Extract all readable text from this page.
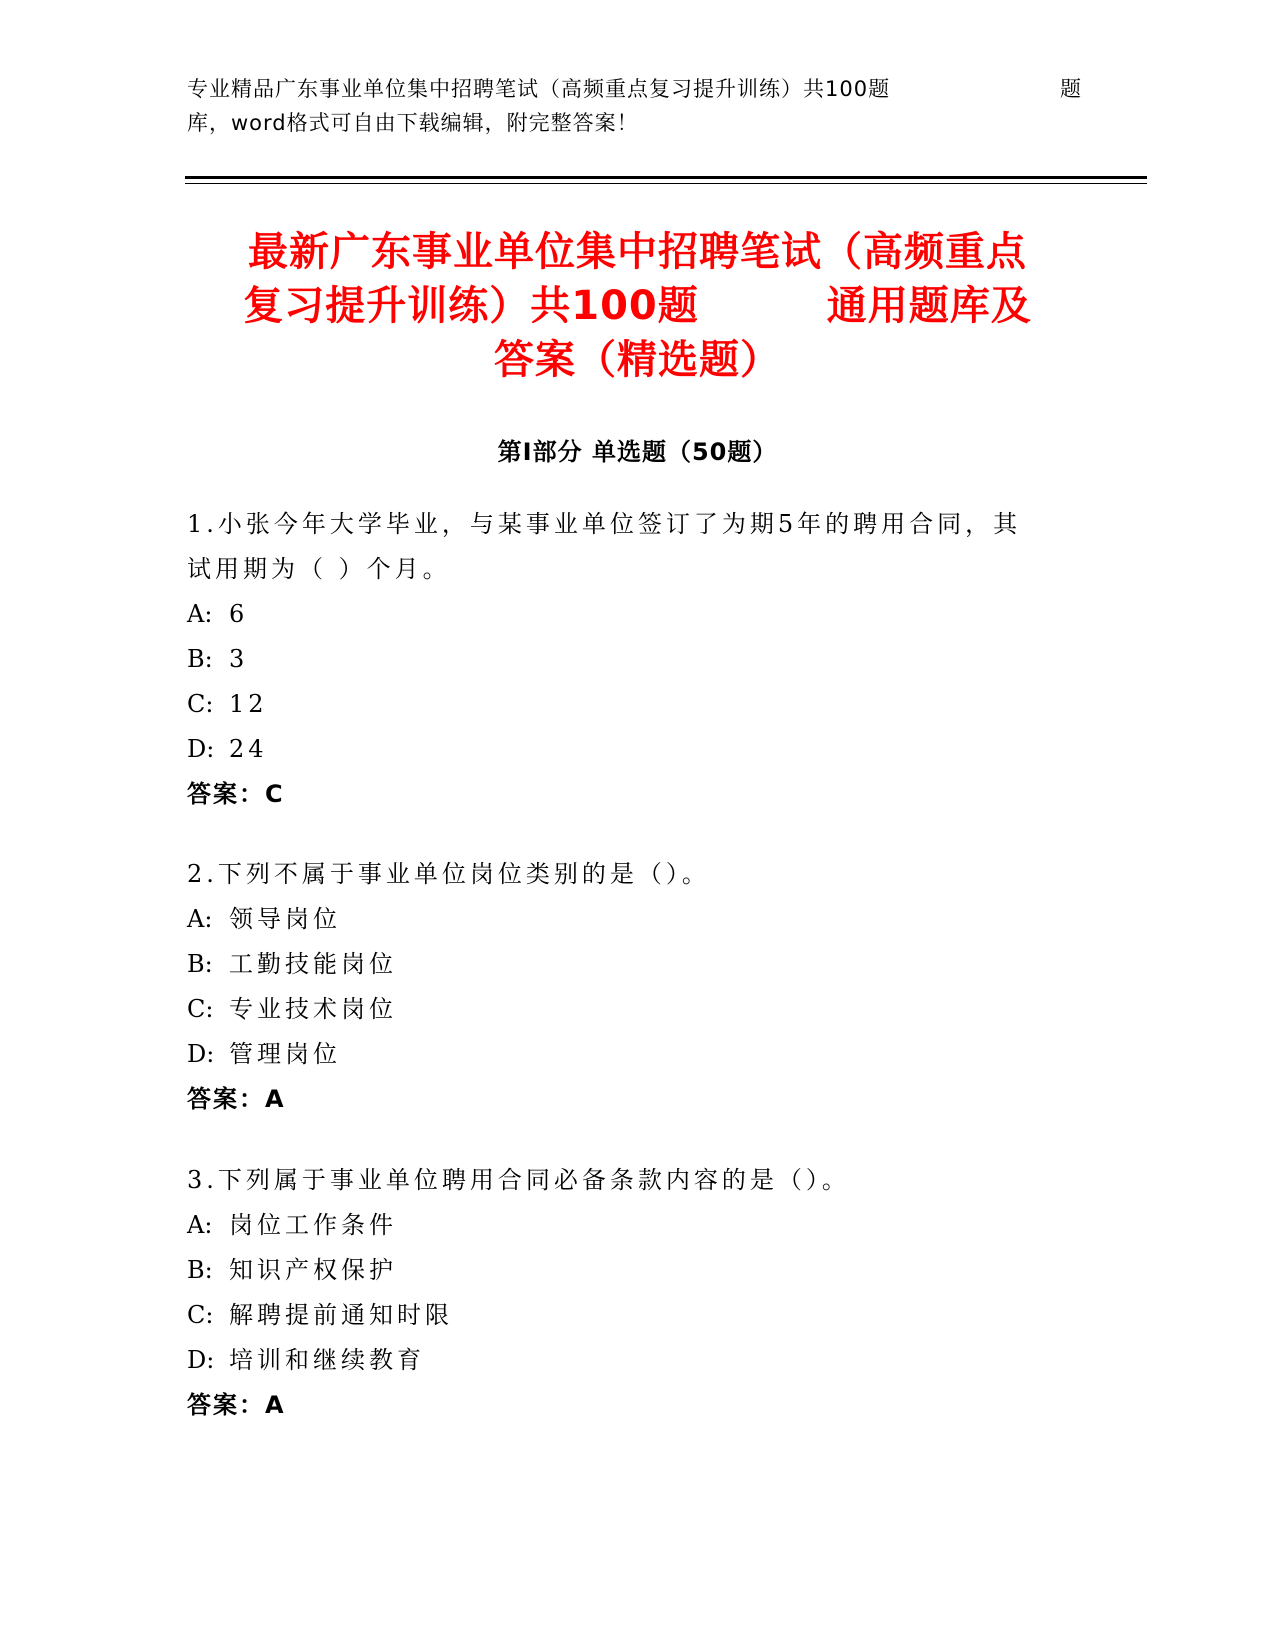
专业精品广东事业单位集中招聘笔试（高频重点复习提升训练）共100题	题
库，word格式可自由下载编辑，附完整答案！
最新广东事业单位集中招聘笔试（高频重点
复习提升训练）共100题	通用题库及
答案（精选题）
第Ⅰ部分 单选题（50题）
1.小张今年大学毕业，与某事业单位签订了为期5年的聘用合同，其
试用期为（ ）个月。
A: 6
B: 3
C: 12
D: 24
答案：C
2.下列不属于事业单位岗位类别的是（）。
A: 领导岗位
B: 工勤技能岗位
C: 专业技术岗位
D: 管理岗位
答案：A
3.下列属于事业单位聘用合同必备条款内容的是（）。
A: 岗位工作条件
B: 知识产权保护
C: 解聘提前通知时限
D: 培训和继续教育
答案：A
